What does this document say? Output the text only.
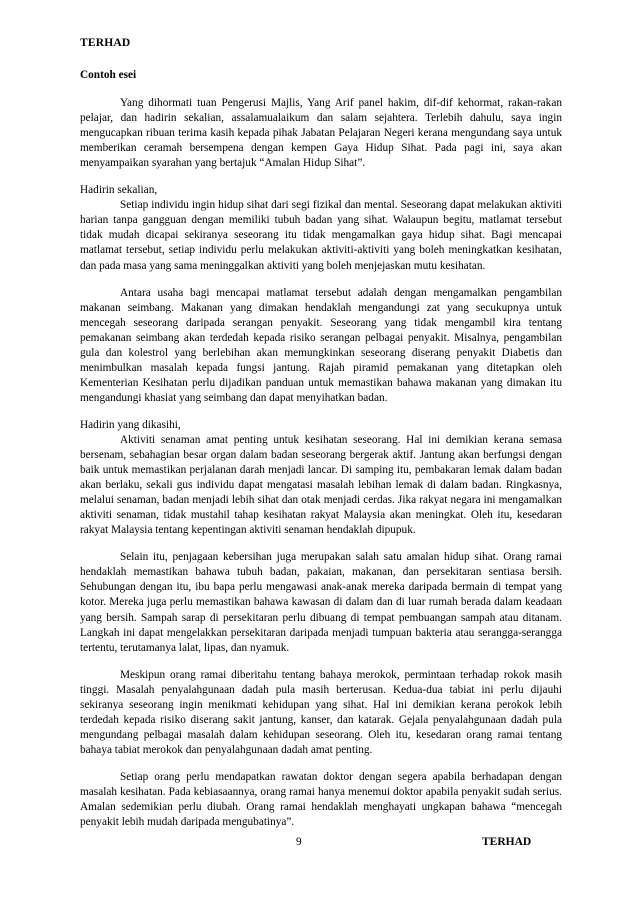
TERHAD

Contoh esei

Yang dihormati tuan Pengerusi Majlis, Yang Arif panel hakim, dif-dif kehormat, rakan-rakan pelajar, dan hadirin sekalian, assalamualaikum dan salam sejahtera. Terlebih dahulu, saya ingin mengucapkan ribuan terima kasih kepada pihak Jabatan Pelajaran Negeri kerana mengundang saya untuk memberikan ceramah bersempena dengan kempen Gaya Hidup Sihat. Pada pagi ini, saya akan menyampaikan syarahan yang bertajuk “Amalan Hidup Sihat”.

Hadirin sekalian,

Setiap individu ingin hidup sihat dari segi fizikal dan mental. Seseorang dapat melakukan aktiviti harian tanpa gangguan dengan memiliki tubuh badan yang sihat. Walaupun begitu, matlamat tersebut tidak mudah dicapai sekiranya seseorang itu tidak mengamalkan gaya hidup sihat. Bagi mencapai matlamat tersebut, setiap individu perlu melakukan aktiviti-aktiviti yang boleh meningkatkan kesihatan, dan pada masa yang sama meninggalkan aktiviti yang boleh menjejaskan mutu kesihatan.

Antara usaha bagi mencapai matlamat tersebut adalah dengan mengamalkan pengambilan makanan seimbang. Makanan yang dimakan hendaklah mengandungi zat yang secukupnya untuk mencegah seseorang daripada serangan penyakit. Seseorang yang tidak mengambil kira tentang pemakanan seimbang akan terdedah kepada risiko serangan pelbagai penyakit. Misalnya, pengambilan gula dan kolestrol yang berlebihan akan memungkinkan seseorang diserang penyakit Diabetis dan menimbulkan masalah kepada fungsi jantung. Rajah piramid pemakanan yang ditetapkan oleh Kementerian Kesihatan perlu dijadikan panduan untuk memastikan bahawa makanan yang dimakan itu mengandungi khasiat yang seimbang dan dapat menyihatkan badan.

Hadirin yang dikasihi,

Aktiviti senaman amat penting untuk kesihatan seseorang. Hal ini demikian kerana semasa bersenam, sebahagian besar organ dalam badan seseorang bergerak aktif. Jantung akan berfungsi dengan baik untuk memastikan perjalanan darah menjadi lancar. Di samping itu, pembakaran lemak dalam badan akan berlaku, sekali gus individu dapat mengatasi masalah lebihan lemak di dalam badan. Ringkasnya, melalui senaman, badan menjadi lebih sihat dan otak menjadi cerdas. Jika rakyat negara ini mengamalkan aktiviti senaman, tidak mustahil tahap kesihatan rakyat Malaysia akan meningkat. Oleh itu, kesedaran rakyat Malaysia tentang kepentingan aktiviti senaman hendaklah dipupuk.

Selain itu, penjagaan kebersihan juga merupakan salah satu amalan hidup sihat. Orang ramai hendaklah memastikan bahawa tubuh badan, pakaian, makanan, dan persekitaran sentiasa bersih. Sehubungan dengan itu, ibu bapa perlu mengawasi anak-anak mereka daripada bermain di tempat yang kotor. Mereka juga perlu memastikan bahawa kawasan di dalam dan di luar rumah berada dalam keadaan yang bersih. Sampah sarap di persekitaran perlu dibuang di tempat pembuangan sampah atau ditanam. Langkah ini dapat mengelakkan persekitaran daripada menjadi tumpuan bakteria atau serangga-serangga tertentu, terutamanya lalat, lipas, dan nyamuk.

Meskipun orang ramai diberitahu tentang bahaya merokok, permintaan terhadap rokok masih tinggi. Masalah penyalahgunaan dadah pula masih berterusan. Kedua-dua tabiat ini perlu dijauhi sekiranya seseorang ingin menikmati kehidupan yang sihat. Hal ini demikian kerana perokok lebih terdedah kepada risiko diserang sakit jantung, kanser, dan katarak. Gejala penyalahgunaan dadah pula mengundang pelbagai masalah dalam kehidupan seseorang. Oleh itu, kesedaran orang ramai tentang bahaya tabiat merokok dan penyalahgunaan dadah amat penting.

Setiap orang perlu mendapatkan rawatan doktor dengan segera apabila berhadapan dengan masalah kesihatan. Pada kebiasaannya, orang ramai hanya menemui doktor apabila penyakit sudah serius. Amalan sedemikian perlu diubah. Orang ramai hendaklah menghayati ungkapan bahawa “mencegah penyakit lebih mudah daripada mengubatinya”.

9	TERHAD
